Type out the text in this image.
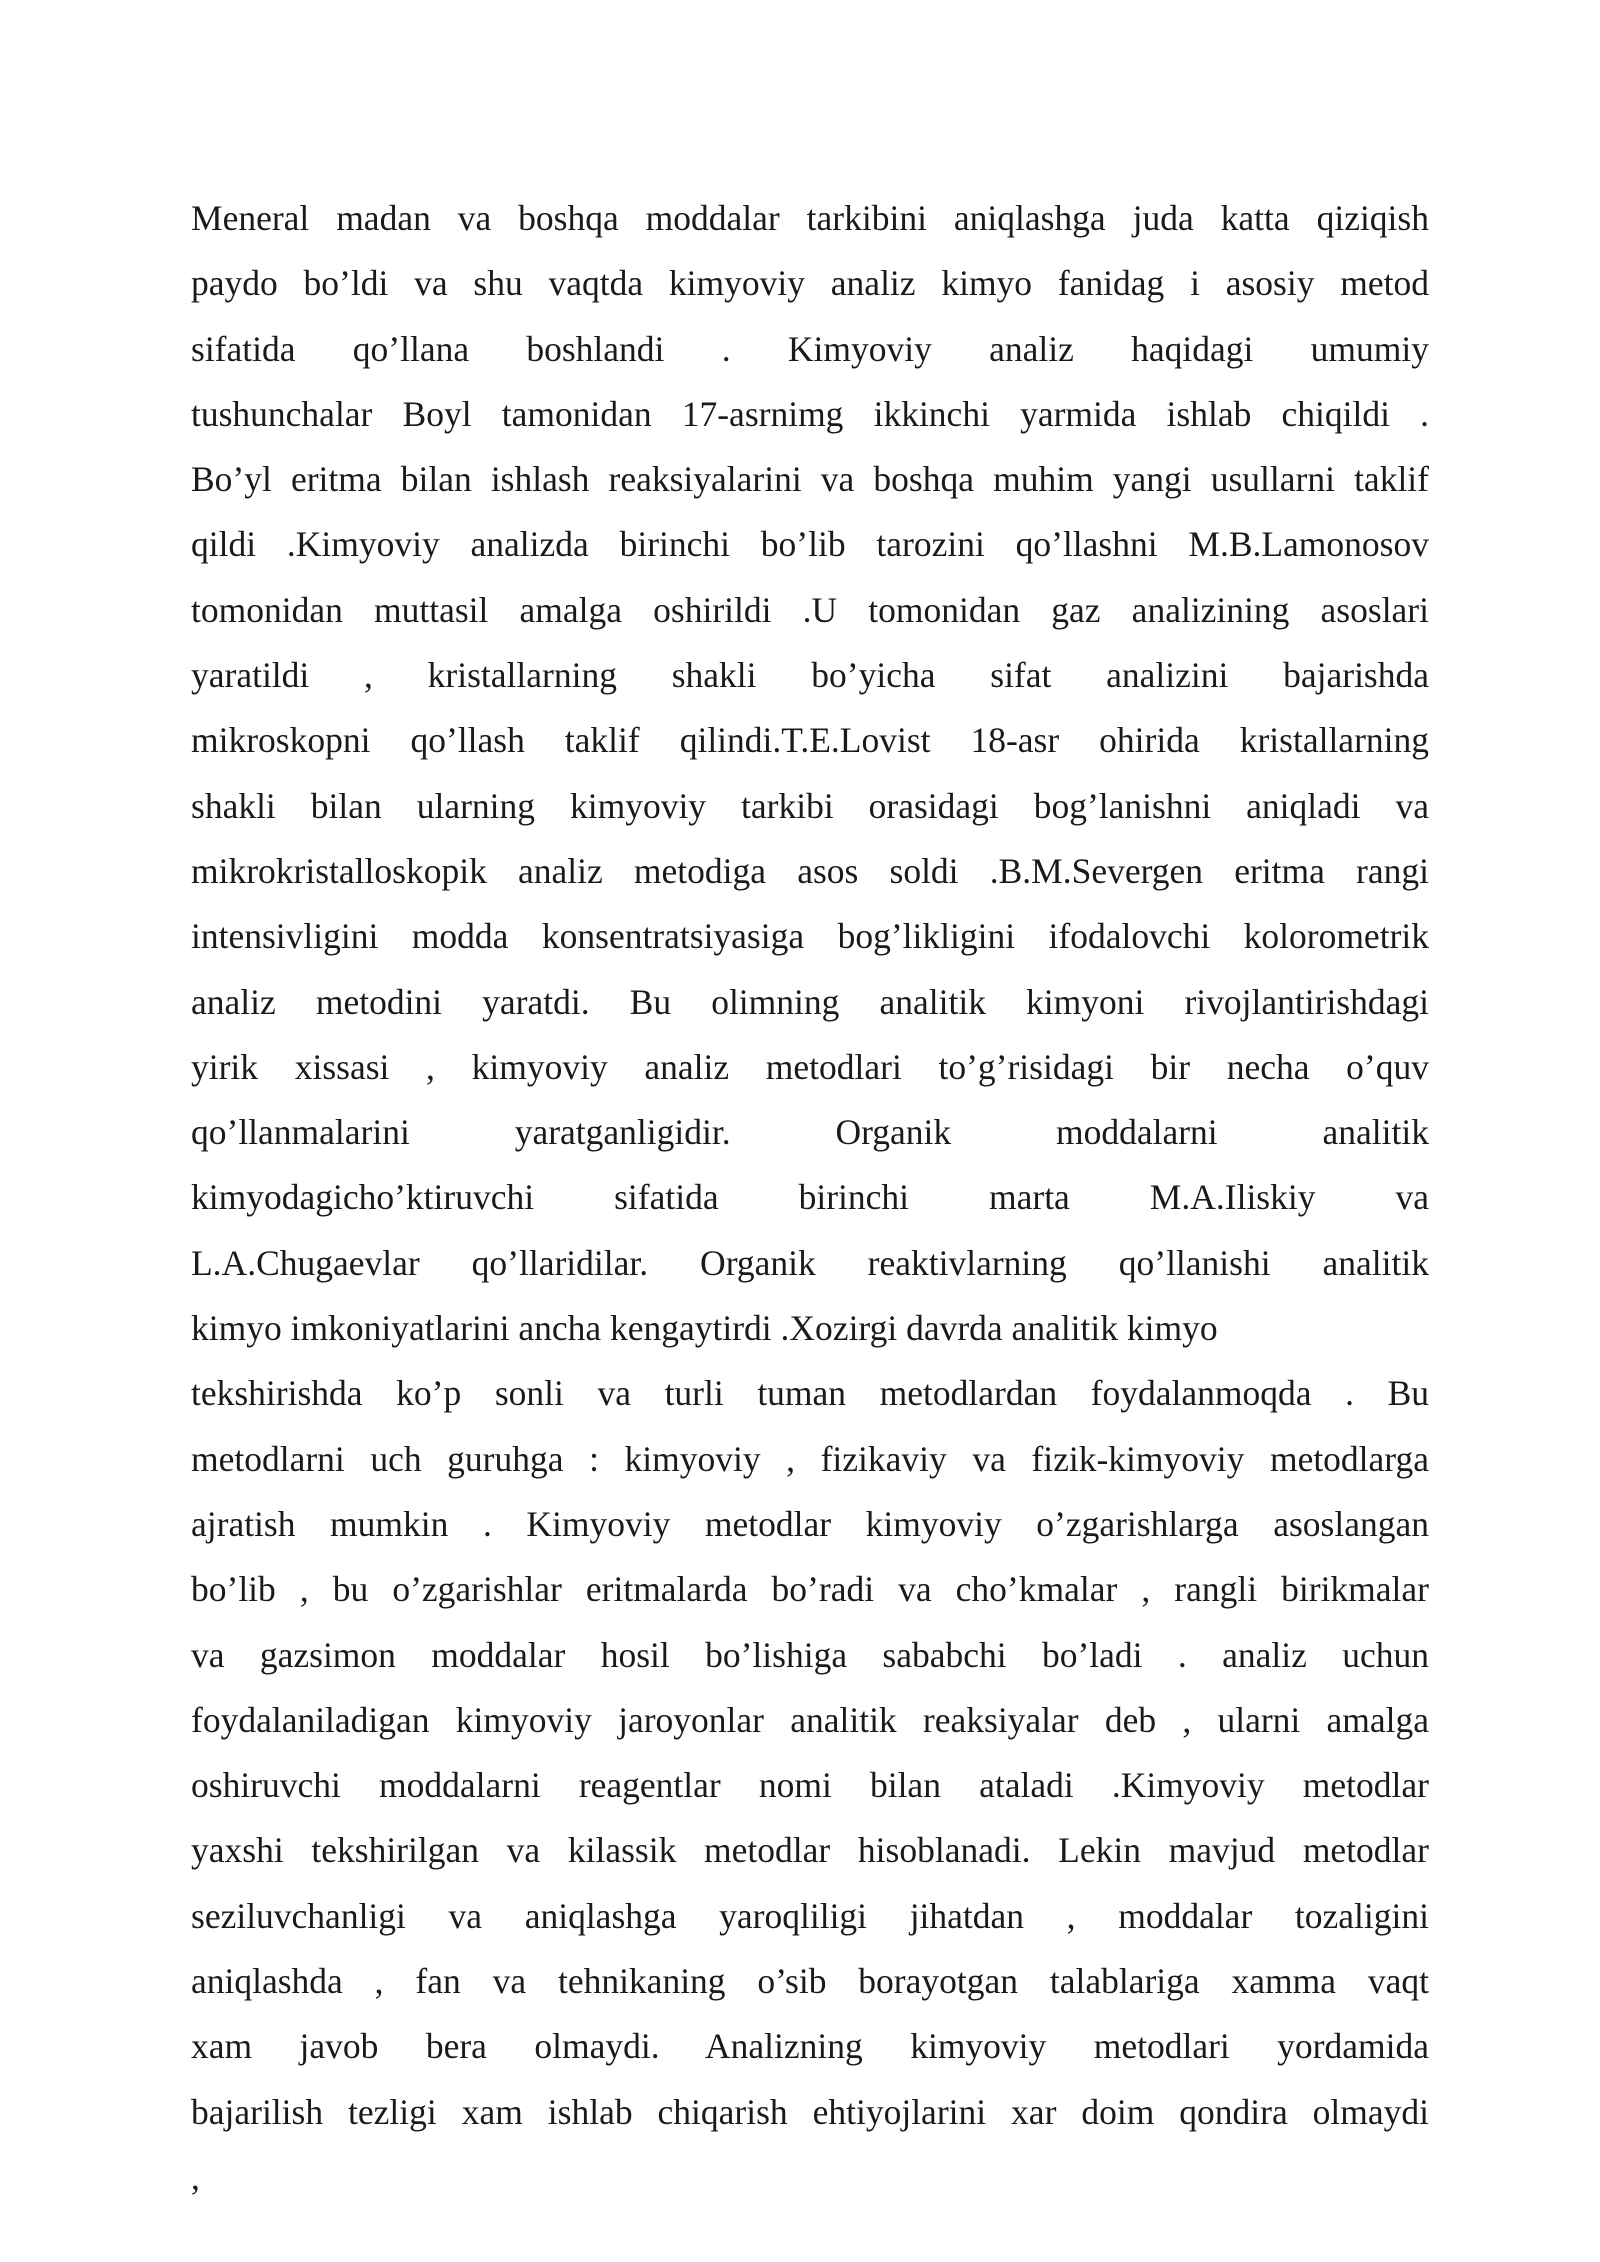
Meneral madan va boshqa moddalar tarkibini aniqlashga juda katta qiziqish
paydo bo’ldi va shu vaqtda kimyoviy analiz kimyo fanidag i asosiy metod
sifatida qo’llana boshlandi . Kimyoviy analiz haqidagi umumiy
tushunchalar Boyl tamonidan 17-asrnimg ikkinchi yarmida ishlab chiqildi .
Bo’yl eritma bilan ishlash reaksiyalarini va boshqa muhim yangi usullarni taklif
qildi .Kimyoviy analizda birinchi bo’lib tarozini qo’llashni M.B.Lamonosov
tomonidan muttasil amalga oshirildi .U tomonidan gaz analizining asoslari
yaratildi , kristallarning shakli bo’yicha sifat analizini bajarishda
mikroskopni qo’llash taklif qilindi.T.E.Lovist 18-asr ohirida kristallarning
shakli bilan ularning kimyoviy tarkibi orasidagi bog’lanishni aniqladi va
mikrokristalloskopik analiz metodiga asos soldi .B.M.Severgen eritma rangi
intensivligini modda konsentratsiyasiga bog’likligini ifodalovchi kolorometrik
analiz metodini yaratdi. Bu olimning analitik kimyoni rivojlantirishdagi
yirik xissasi , kimyoviy analiz metodlari to’g’risidagi bir necha o’quv
qo’llanmalarini yaratganligidir. Organik moddalarni analitik
kimyodagicho’ktiruvchi sifatida birinchi marta M.A.Iliskiy va
L.A.Chugaevlar qo’llaridilar. Organik reaktivlarning qo’llanishi analitik
kimyo imkoniyatlarini ancha kengaytirdi .Xozirgi davrda analitik kimyo
tekshirishda ko’p sonli va turli tuman metodlardan foydalanmoqda . Bu
metodlarni uch guruhga : kimyoviy , fizikaviy va fizik-kimyoviy metodlarga
ajratish mumkin . Kimyoviy metodlar kimyoviy o’zgarishlarga asoslangan
bo’lib , bu o’zgarishlar eritmalarda bo’radi va cho’kmalar , rangli birikmalar
va gazsimon moddalar hosil bo’lishiga sababchi bo’ladi . analiz uchun
foydalaniladigan kimyoviy jaroyonlar analitik reaksiyalar deb , ularni amalga
oshiruvchi moddalarni reagentlar nomi bilan ataladi .Kimyoviy metodlar
yaxshi tekshirilgan va kilassik metodlar hisoblanadi. Lekin mavjud metodlar
seziluvchanligi va aniqlashga yaroqliligi jihatdan , moddalar tozaligini
aniqlashda , fan va tehnikaning o’sib borayotgan talablariga xamma vaqt
xam javob bera olmaydi. Analizning kimyoviy metodlari yordamida
bajarilish tezligi xam ishlab chiqarish ehtiyojlarini xar doim qondira olmaydi
,
